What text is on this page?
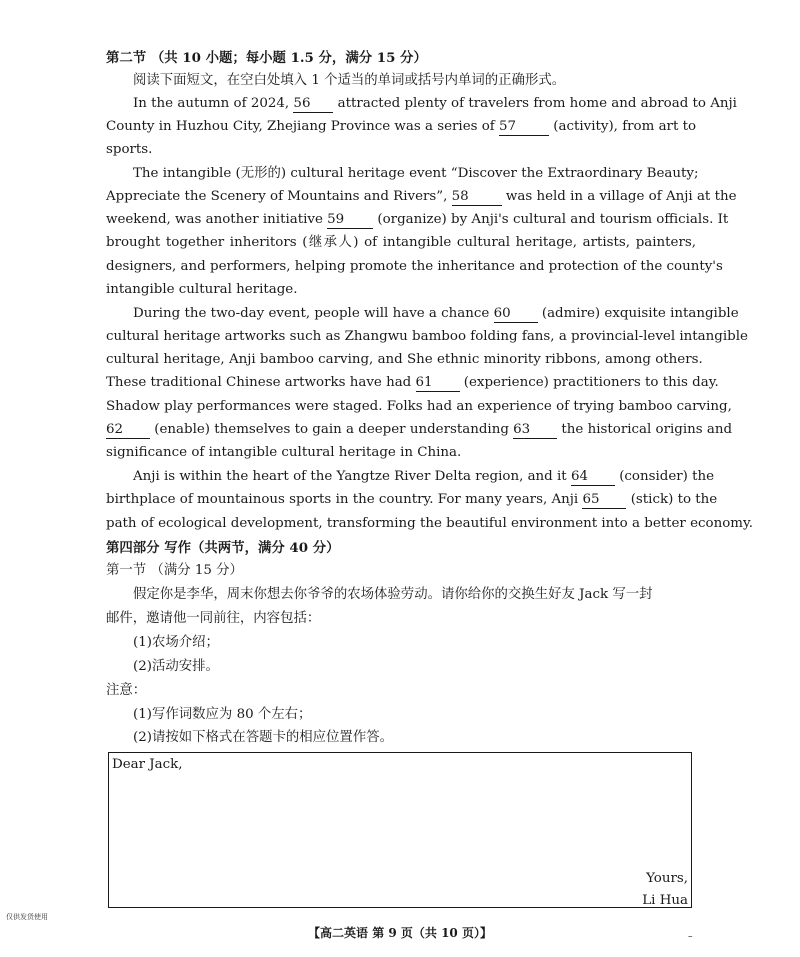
第二节 （共 10 小题；每小题 1.5 分，满分 15 分）
阅读下面短文，在空白处填入 1 个适当的单词或括号内单词的正确形式。
In the autumn of 2024, 56 attracted plenty of travelers from home and abroad to Anji
County in Huzhou City, Zhejiang Province was a series of 57 (activity), from art to
sports.
The intangible (无形的) cultural heritage event “Discover the Extraordinary Beauty;
Appreciate the Scenery of Mountains and Rivers”, 58 was held in a village of Anji at the
weekend, was another initiative 59 (organize) by Anji's cultural and tourism officials. It
brought together inheritors (继承人) of intangible cultural heritage, artists, painters,
designers, and performers, helping promote the inheritance and protection of the county's
intangible cultural heritage.
During the two-day event, people will have a chance 60 (admire) exquisite intangible
cultural heritage artworks such as Zhangwu bamboo folding fans, a provincial-level intangible
cultural heritage, Anji bamboo carving, and She ethnic minority ribbons, among others.
These traditional Chinese artworks have had 61 (experience) practitioners to this day.
Shadow play performances were staged. Folks had an experience of trying bamboo carving,
62 (enable) themselves to gain a deeper understanding 63 the historical origins and
significance of intangible cultural heritage in China.
Anji is within the heart of the Yangtze River Delta region, and it 64 (consider) the
birthplace of mountainous sports in the country. For many years, Anji 65 (stick) to the
path of ecological development, transforming the beautiful environment into a better economy.
第四部分 写作（共两节，满分 40 分）
第一节 （满分 15 分）
假定你是李华，周末你想去你爷爷的农场体验劳动。请你给你的交换生好友 Jack 写一封
邮件，邀请他一同前往，内容包括：
(1)农场介绍；
(2)活动安排。
注意：
(1)写作词数应为 80 个左右；
(2)请按如下格式在答题卡的相应位置作答。
Dear Jack,
Yours,
Li Hua
仅供发货使用
【高二英语 第 9 页（共 10 页）】	–
